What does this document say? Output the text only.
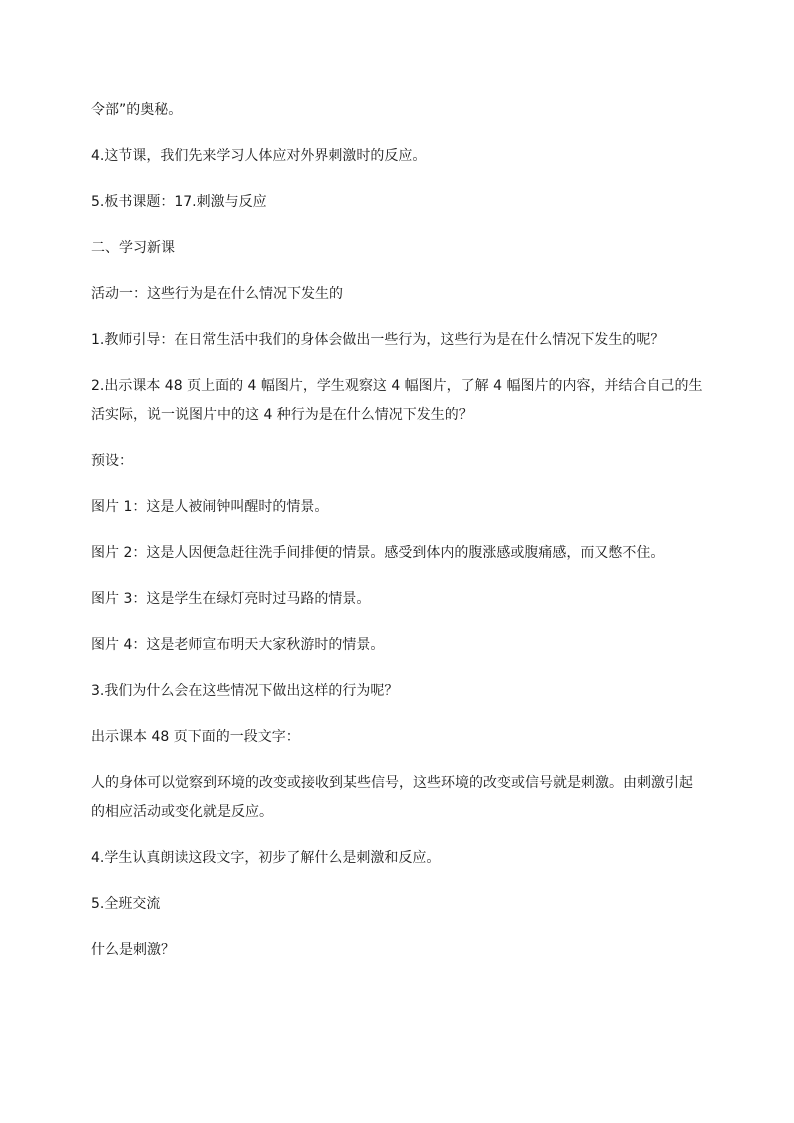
令部”的奥秘。

4.这节课，我们先来学习人体应对外界刺激时的反应。

5.板书课题：17.刺激与反应

二、学习新课

活动一：这些行为是在什么情况下发生的

1.教师引导：在日常生活中我们的身体会做出一些行为，这些行为是在什么情况下发生的呢？

2.出示课本 48 页上面的 4 幅图片，学生观察这 4 幅图片，了解 4 幅图片的内容，并结合自己的生活实际，说一说图片中的这 4 种行为是在什么情况下发生的？

预设：

图片 1：这是人被闹钟叫醒时的情景。

图片 2：这是人因便急赶往洗手间排便的情景。感受到体内的腹涨感或腹痛感，而又憋不住。

图片 3：这是学生在绿灯亮时过马路的情景。

图片 4：这是老师宣布明天大家秋游时的情景。

3.我们为什么会在这些情况下做出这样的行为呢？

出示课本 48 页下面的一段文字：

人的身体可以觉察到环境的改变或接收到某些信号，这些环境的改变或信号就是刺激。由刺激引起的相应活动或变化就是反应。

4.学生认真朗读这段文字，初步了解什么是刺激和反应。

5.全班交流

什么是刺激？
